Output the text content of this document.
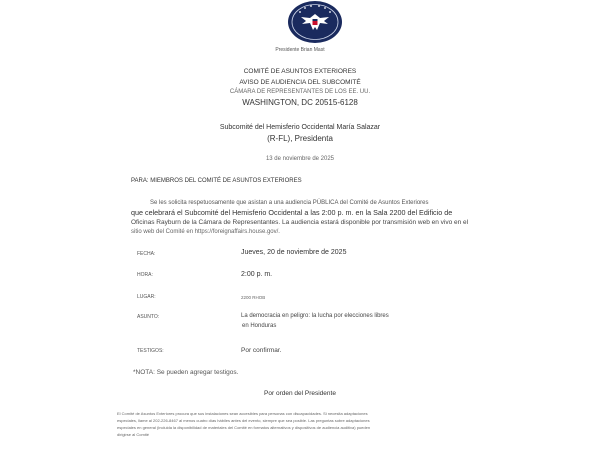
Presidente Brian Mast
COMITÉ DE ASUNTOS EXTERIORES
AVISO DE AUDIENCIA DEL SUBCOMITÉ
CÁMARA DE REPRESENTANTES DE LOS EE. UU.
WASHINGTON, DC 20515-6128
Subcomité del Hemisferio Occidental María Salazar
(R-FL), Presidenta
13 de noviembre de 2025
PARA: MIEMBROS DEL COMITÉ DE ASUNTOS EXTERIORES
Se les solicita respetuosamente que asistan a una audiencia PÚBLICA del Comité de Asuntos Exteriores
que celebrará el Subcomité del Hemisferio Occidental a las 2:00 p. m. en la Sala 2200 del Edificio de
Oficinas Rayburn de la Cámara de Representantes. La audiencia estará disponible por transmisión web en vivo en el
sitio web del Comité en https://foreignaffairs.house.gov/.
FECHA:	Jueves, 20 de noviembre de 2025
HORA:	2:00 p. m.
LUGAR:	2200 RHOB
ASUNTO:	La democracia en peligro: la lucha por elecciones libres
en Honduras
TESTIGOS:	Por confirmar.
*NOTA: Se pueden agregar testigos.
Por orden del Presidente
El Comité de Asuntos Exteriores procura que sus instalaciones sean accesibles para personas con discapacidades. Si necesita adaptaciones
especiales, llame al 202-226-8467 al menos cuatro días hábiles antes del evento, siempre que sea posible. Las preguntas sobre adaptaciones
especiales en general (incluida la disponibilidad de materiales del Comité en formatos alternativos y dispositivos de audiencia auditiva) pueden
dirigirse al Comité
